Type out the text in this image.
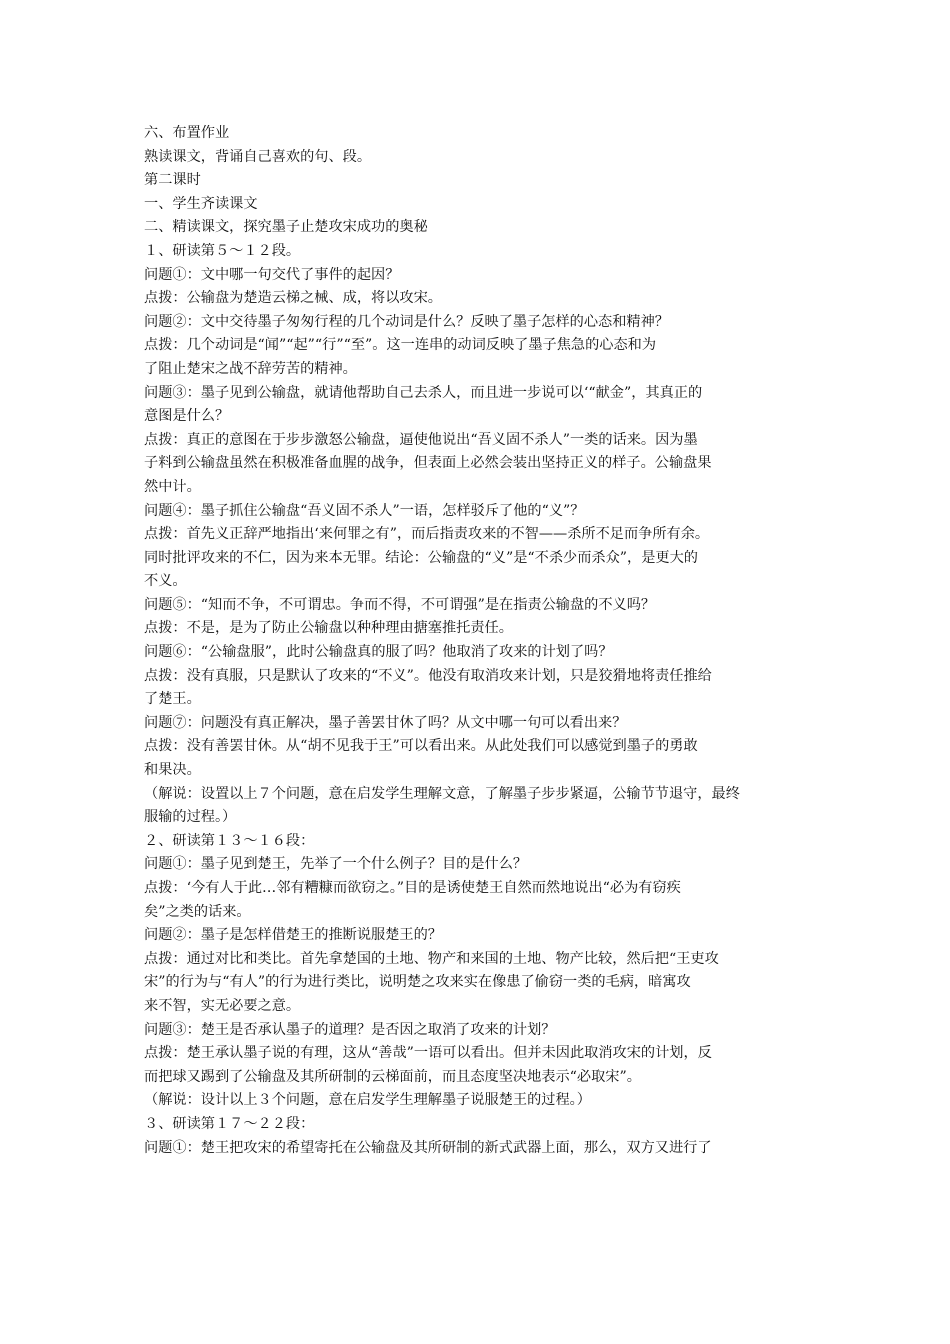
六、布置作业
熟读课文，背诵自己喜欢的句、段。
第二课时
一、学生齐读课文
二、精读课文，探究墨子止楚攻宋成功的奥秘
１、研读第５～１２段。
问题①：文中哪一句交代了事件的起因？
点拨：公输盘为楚造云梯之械、成，将以攻宋。
问题②：文中交待墨子匆匆行程的几个动词是什么？反映了墨子怎样的心态和精神？
点拨：几个动词是“闻”“起”“行”“至”。这一连串的动词反映了墨子焦急的心态和为
了阻止楚宋之战不辞劳苦的精神。
问题③：墨子见到公输盘，就请他帮助自己去杀人，而且进一步说可以‘“献金”，其真正的
意图是什么？
点拨：真正的意图在于步步激怒公输盘，逼使他说出“吾义固不杀人”一类的话来。因为墨
子料到公输盘虽然在积极准备血腥的战争，但表面上必然会装出坚持正义的样子。公输盘果
然中计。
问题④：墨子抓住公输盘“吾义固不杀人”一语，怎样驳斥了他的“义”？
点拨：首先义正辞严地指出‘来何罪之有”，而后指责攻来的不智——杀所不足而争所有余。
同时批评攻来的不仁，因为来本无罪。结论：公输盘的“义”是“不杀少而杀众”，是更大的
不义。
问题⑤：“知而不争，不可谓忠。争而不得，不可谓强”是在指责公输盘的不义吗？
点拨：不是，是为了防止公输盘以种种理由搪塞推托责任。
问题⑥：“公输盘服”，此时公输盘真的服了吗？他取消了攻来的计划了吗？
点拨：没有真服，只是默认了攻来的“不义”。他没有取消攻来计划，只是狡猾地将责任推给
了楚王。
问题⑦：问题没有真正解决，墨子善罢甘休了吗？从文中哪一句可以看出来？
点拨：没有善罢甘休。从“胡不见我于王”可以看出来。从此处我们可以感觉到墨子的勇敢
和果决。
（解说：设置以上７个问题，意在启发学生理解文意，了解墨子步步紧逼，公输节节退守，最终
服输的过程。）
２、研读第１３～１６段：
问题①：墨子见到楚王，先举了一个什么例子？目的是什么？
点拨：‘今有人于此…邻有糟糠而欲窃之。”目的是诱使楚王自然而然地说出“必为有窃疾
矣”之类的话来。
问题②：墨子是怎样借楚王的推断说服楚王的？
点拨：通过对比和类比。首先拿楚国的土地、物产和来国的土地、物产比较，然后把“王吏攻
宋”的行为与“有人”的行为进行类比，说明楚之攻来实在像患了偷窃一类的毛病，暗寓攻
来不智，实无必要之意。
问题③：楚王是否承认墨子的道理？是否因之取消了攻来的计划？
点拨：楚王承认墨子说的有理，这从“善哉”一语可以看出。但并未因此取消攻宋的计划，反
而把球又踢到了公输盘及其所研制的云梯面前，而且态度坚决地表示“必取宋”。
（解说：设计以上３个问题，意在启发学生理解墨子说服楚王的过程。）
３、研读第１７～２２段：
问题①：楚王把攻宋的希望寄托在公输盘及其所研制的新式武器上面，那么，双方又进行了
